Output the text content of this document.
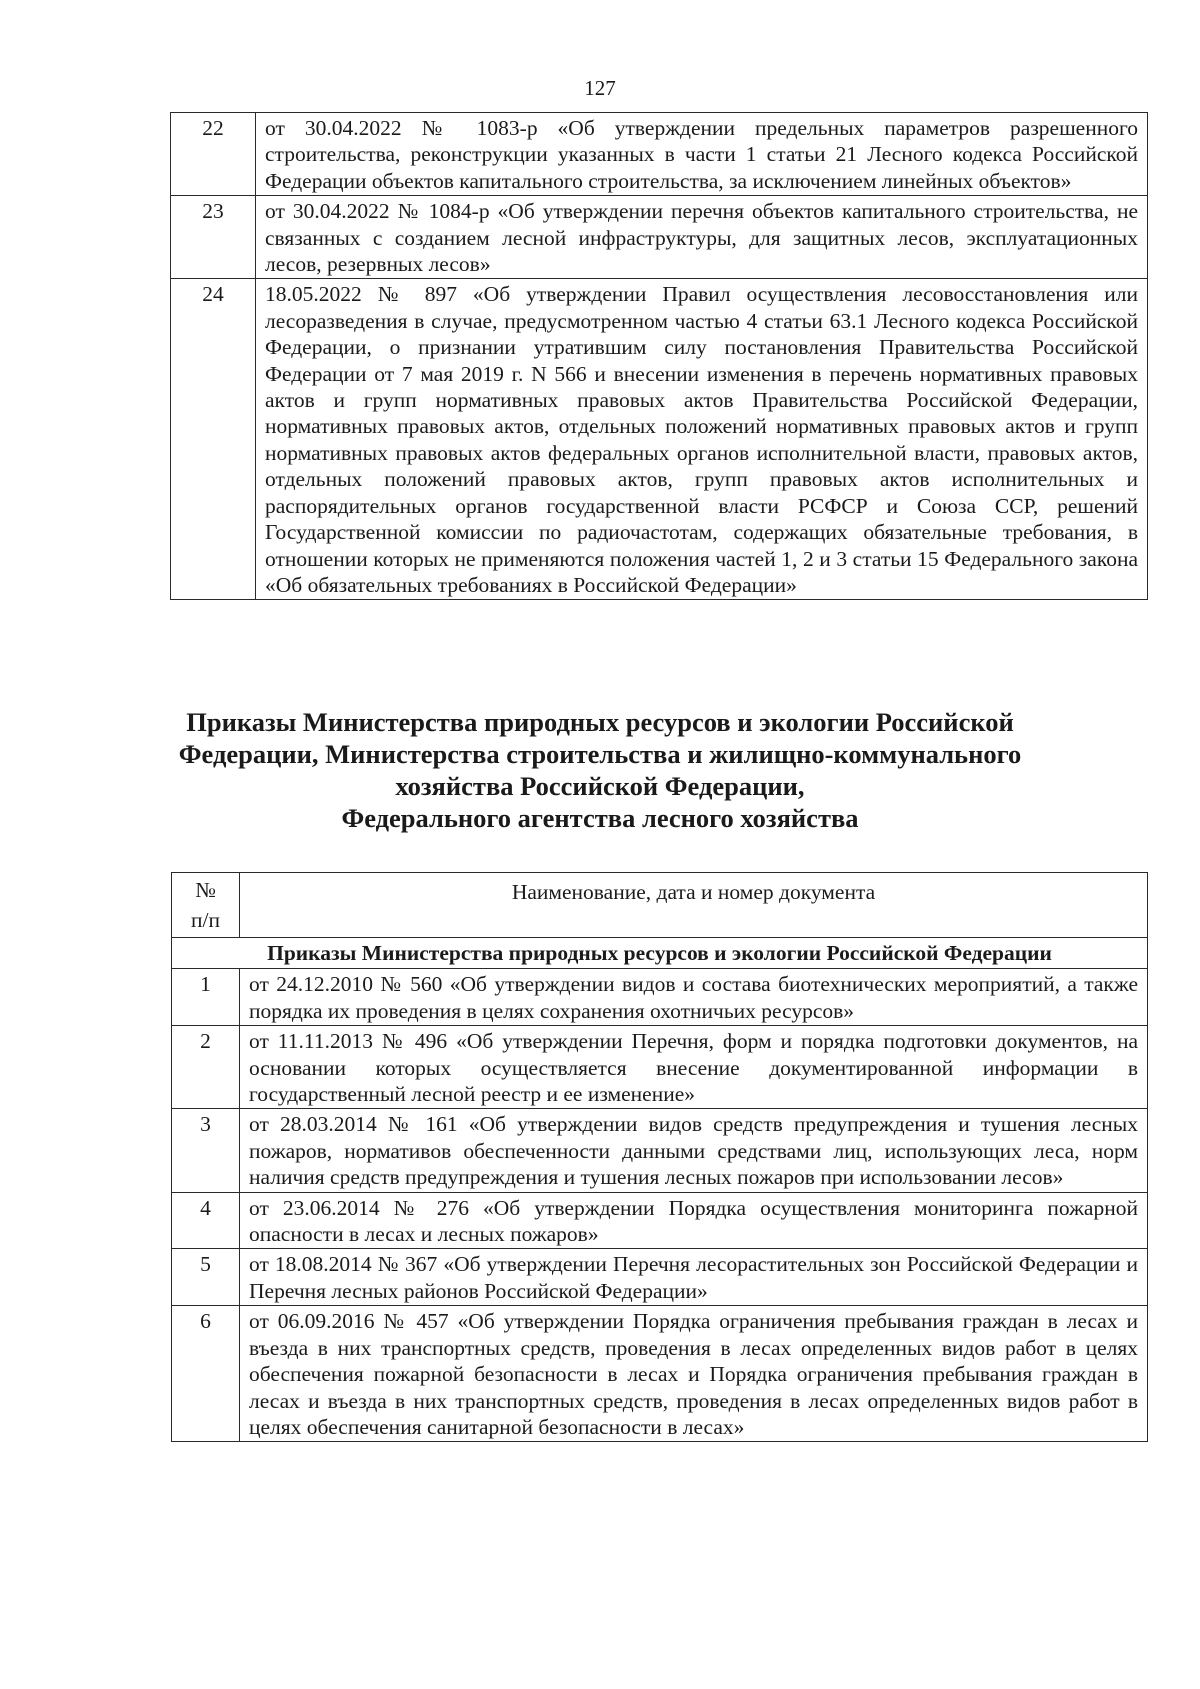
127
22	от 30.04.2022 № 1083-р «Об утверждении предельных параметров разрешенного строительства, реконструкции указанных в части 1 статьи 21 Лесного кодекса Российской Федерации объектов капитального строительства, за исключением линейных объектов»
23	от 30.04.2022 № 1084-р «Об утверждении перечня объектов капитального строительства, не связанных с созданием лесной инфраструктуры, для защитных лесов, эксплуатационных лесов, резервных лесов»
24	18.05.2022 № 897 «Об утверждении Правил осуществления лесовосстановления или лесоразведения в случае, предусмотренном частью 4 статьи 63.1 Лесного кодекса Российской Федерации, о признании утратившим силу постановления Правительства Российской Федерации от 7 мая 2019 г. N 566 и внесении изменения в перечень нормативных правовых актов и групп нормативных правовых актов Правительства Российской Федерации, нормативных правовых актов, отдельных положений нормативных правовых актов и групп нормативных правовых актов федеральных органов исполнительной власти, правовых актов, отдельных положений правовых актов, групп правовых актов исполнительных и распорядительных органов государственной власти РСФСР и Союза ССР, решений Государственной комиссии по радиочастотам, содержащих обязательные требования, в отношении которых не применяются положения частей 1, 2 и 3 статьи 15 Федерального закона «Об обязательных требованиях в Российской Федерации»
Приказы Министерства природных ресурсов и экологии Российской
Федерации, Министерства строительства и жилищно-коммунального
хозяйства Российской Федерации,
Федерального агентства лесного хозяйства
№
п/п	Наименование, дата и номер документа
Приказы Министерства природных ресурсов и экологии Российской Федерации	
1	от 24.12.2010 № 560 «Об утверждении видов и состава биотехнических мероприятий, а также порядка их проведения в целях сохранения охотничьих ресурсов»
2	от 11.11.2013 № 496 «Об утверждении Перечня, форм и порядка подготовки документов, на основании которых осуществляется внесение документированной информации в государственный лесной реестр и ее изменение»
3	от 28.03.2014 № 161 «Об утверждении видов средств предупреждения и тушения лесных пожаров, нормативов обеспеченности данными средствами лиц, использующих леса, норм наличия средств предупреждения и тушения лесных пожаров при использовании лесов»
4	от 23.06.2014 № 276 «Об утверждении Порядка осуществления мониторинга пожарной опасности в лесах и лесных пожаров»
5	от 18.08.2014 № 367 «Об утверждении Перечня лесорастительных зон Российской Федерации и Перечня лесных районов Российской Федерации»
6	от 06.09.2016 № 457 «Об утверждении Порядка ограничения пребывания граждан в лесах и въезда в них транспортных средств, проведения в лесах определенных видов работ в целях обеспечения пожарной безопасности в лесах и Порядка ограничения пребывания граждан в лесах и въезда в них транспортных средств, проведения в лесах определенных видов работ в целях обеспечения санитарной безопасности в лесах»
